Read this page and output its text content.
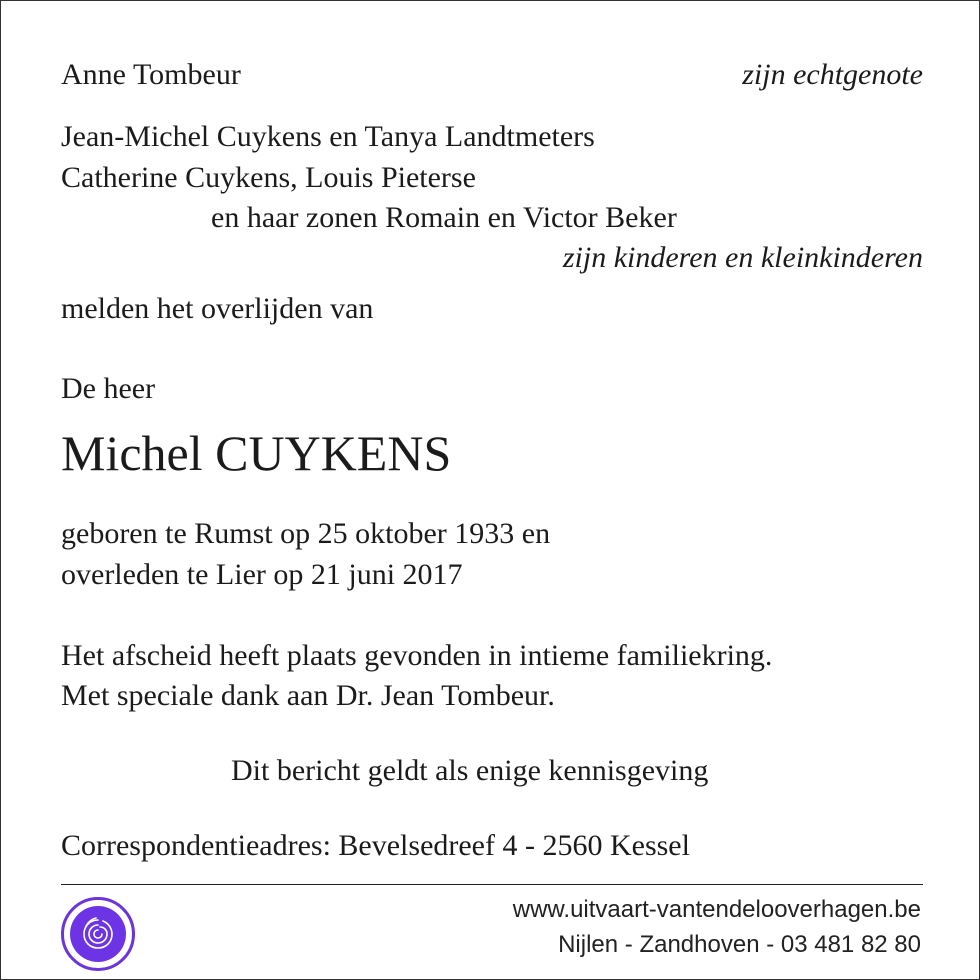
Anne Tombeur	zijn echtgenote
Jean-Michel Cuykens en Tanya Landtmeters
Catherine Cuykens, Louis Pieterse
en haar zonen Romain en Victor Beker
zijn kinderen en kleinkinderen
melden het overlijden van
De heer
Michel CUYKENS
geboren te Rumst op 25 oktober 1933 en
overleden te Lier op 21 juni 2017
Het afscheid heeft plaats gevonden in intieme familiekring.
Met speciale dank aan Dr. Jean Tombeur.
Dit bericht geldt als enige kennisgeving
Correspondentieadres: Bevelsedreef 4 - 2560 Kessel
www.uitvaart-vantendelooverhagen.be
Nijlen - Zandhoven - 03 481 82 80
